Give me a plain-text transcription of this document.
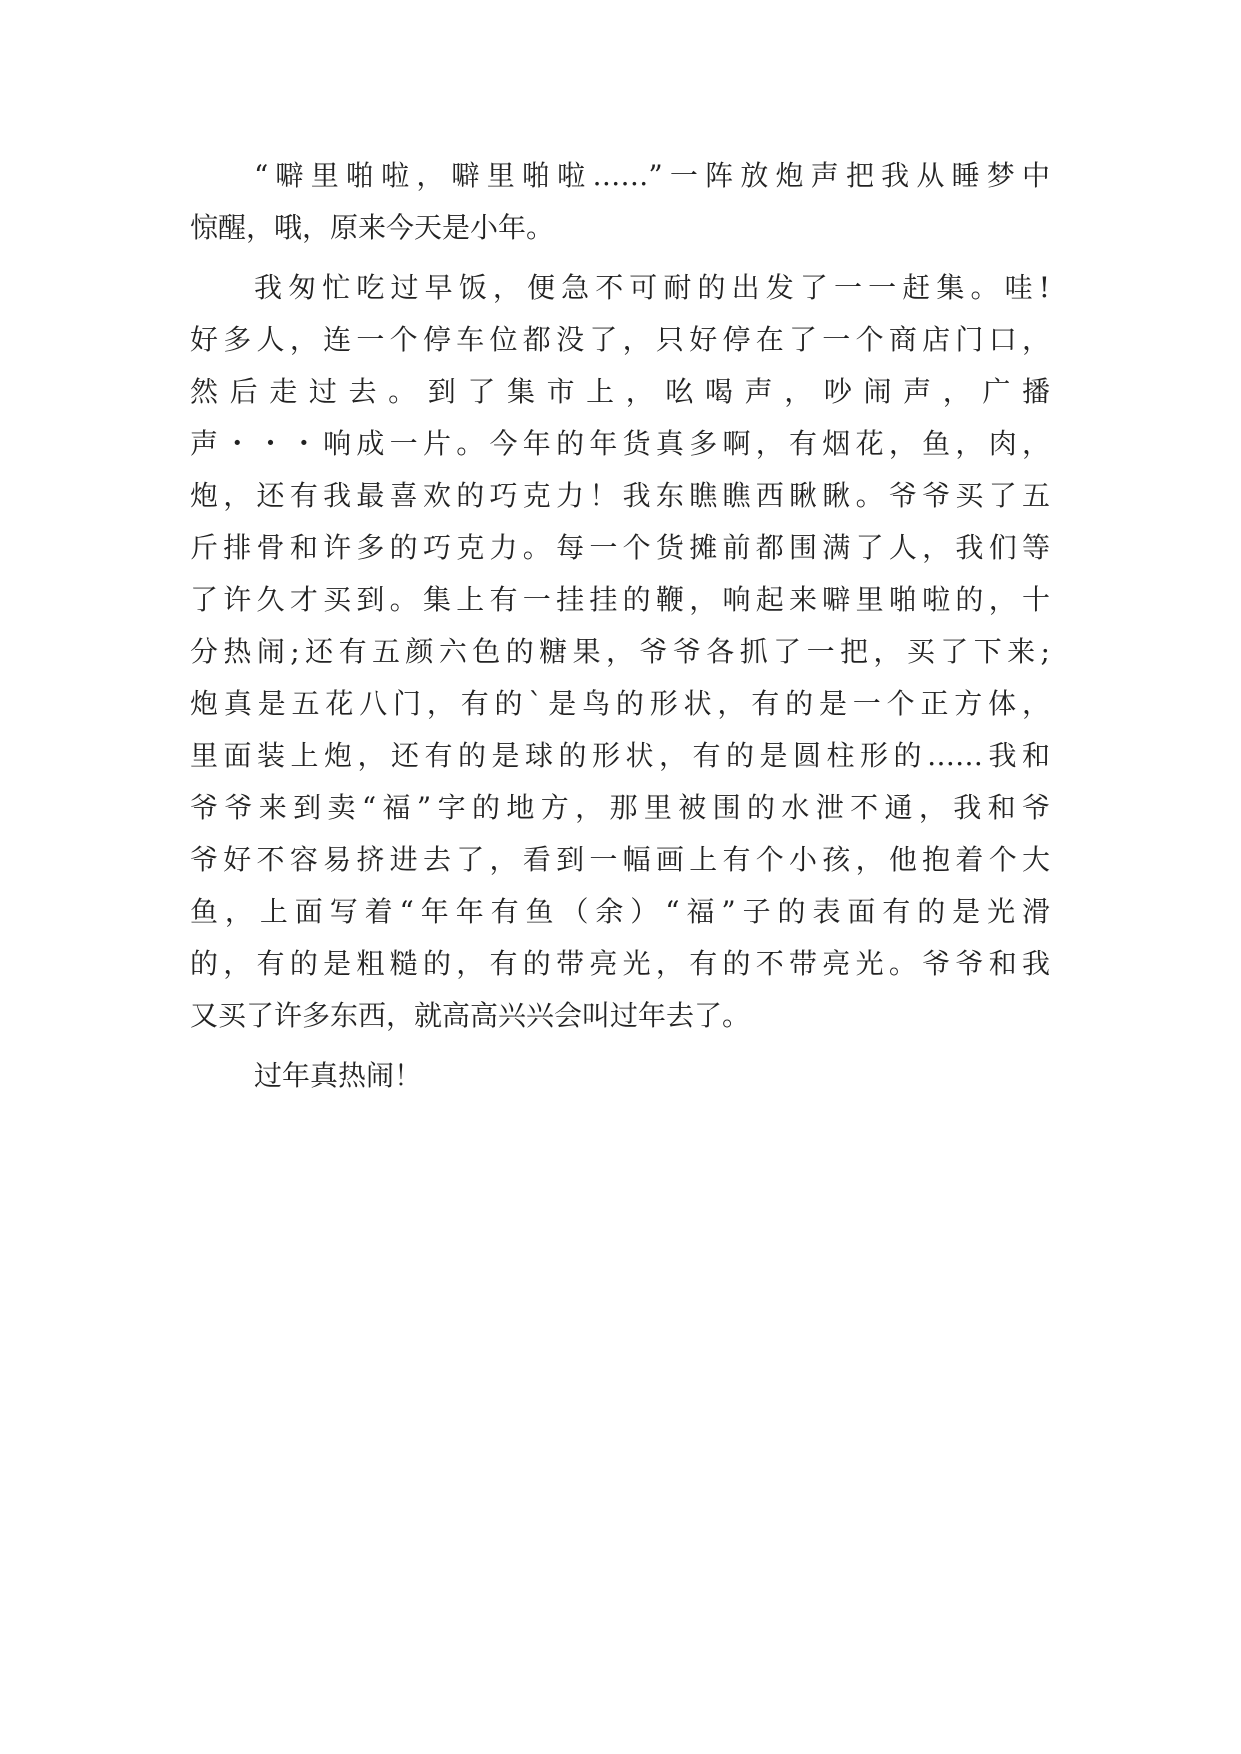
“噼里啪啦，噼里啪啦……”一阵放炮声把我从睡梦中
惊醒，哦，原来今天是小年。
我匆忙吃过早饭，便急不可耐的出发了一一赶集。哇!
好多人，连一个停车位都没了，只好停在了一个商店门口，
然后走过去。到了集市上，吆喝声，吵闹声，广播
声・・・响成一片。今年的年货真多啊，有烟花，鱼，肉，
炮，还有我最喜欢的巧克力！我东瞧瞧西瞅瞅。爷爷买了五
斤排骨和许多的巧克力。每一个货摊前都围满了人，我们等
了许久才买到。集上有一挂挂的鞭，响起来噼里啪啦的，十
分热闹;还有五颜六色的糖果，爷爷各抓了一把，买了下来;
炮真是五花八门，有的`是鸟的形状，有的是一个正方体，
里面装上炮，还有的是球的形状，有的是圆柱形的……我和
爷爷来到卖“福”字的地方，那里被围的水泄不通，我和爷
爷好不容易挤进去了，看到一幅画上有个小孩，他抱着个大
鱼，上面写着“年年有鱼（余）“福”子的表面有的是光滑
的，有的是粗糙的，有的带亮光，有的不带亮光。爷爷和我
又买了许多东西，就高高兴兴会叫过年去了。
过年真热闹！
